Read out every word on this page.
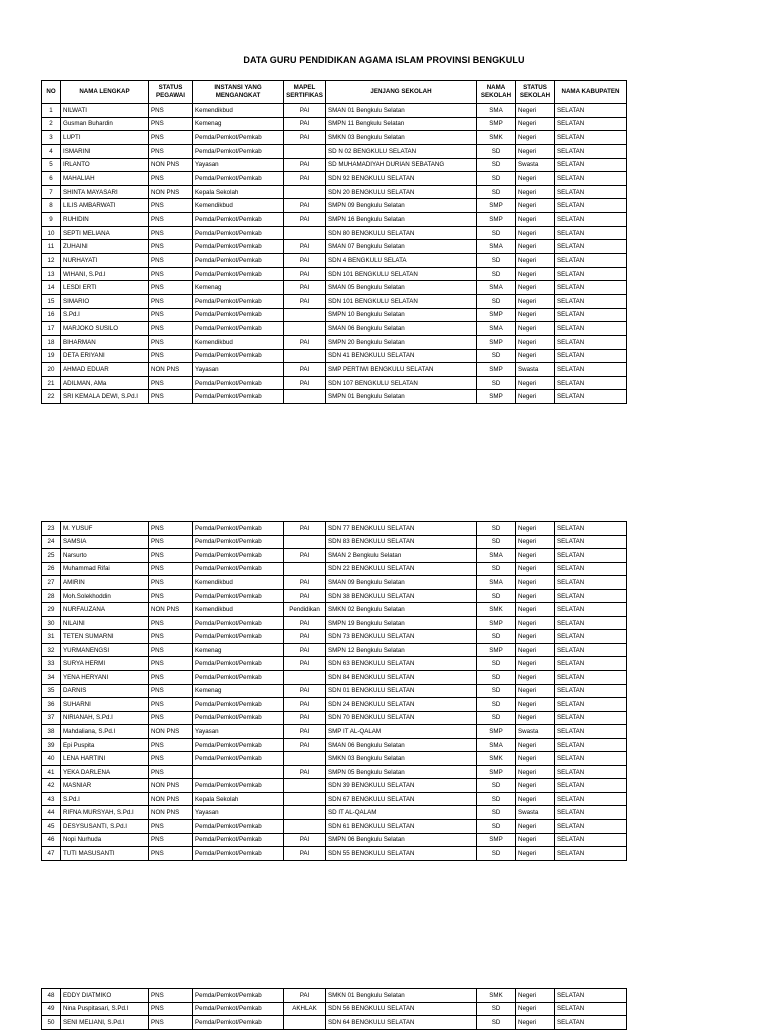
DATA GURU PENDIDIKAN AGAMA ISLAM PROVINSI BENGKULU
NO	NAMA LENGKAP	STATUS PEGAWAI	INSTANSI YANG MENGANGKAT	MAPEL SERTIFIKAS	JENJANG SEKOLAH	NAMA SEKOLAH	STATUS SEKOLAH	NAMA KABUPATEN
1	NILWATI	PNS	Kemendikbud	PAI	SMAN 01 Bengkulu Selatan	SMA	Negeri	SELATAN
2	Gusman Buhardin	PNS	Kemenag	PAI	SMPN 11 Bengkulu Selatan	SMP	Negeri	SELATAN
3	LUPTI	PNS	Pemda/Pemkot/Pemkab	PAI	SMKN 03 Bengkulu Selatan	SMK	Negeri	SELATAN
4	ISMARINI	PNS	Pemda/Pemkot/Pemkab		SD N 02 BENGKULU SELATAN	SD	Negeri	SELATAN
5	IRLANTO	NON PNS	Yayasan	PAI	SD MUHAMADIYAH DURIAN SEBATANG	SD	Swasta	SELATAN
6	MAHALIAH	PNS	Pemda/Pemkot/Pemkab	PAI	SDN 92 BENGKULU SELATAN	SD	Negeri	SELATAN
7	SHINTA MAYASARI	NON PNS	Kepala Sekolah		SDN 20 BENGKULU SELATAN	SD	Negeri	SELATAN
8	LILIS AMBARWATI	PNS	Kemendikbud	PAI	SMPN 09 Bengkulu Selatan	SMP	Negeri	SELATAN
9	RUHIDIN	PNS	Pemda/Pemkot/Pemkab	PAI	SMPN 16 Bengkulu Selatan	SMP	Negeri	SELATAN
10	SEPTI MELIANA	PNS	Pemda/Pemkot/Pemkab		SDN 80 BENGKULU SELATAN	SD	Negeri	SELATAN
11	ZUHAINI	PNS	Pemda/Pemkot/Pemkab	PAI	SMAN 07 Bengkulu Selatan	SMA	Negeri	SELATAN
12	NURHAYATI	PNS	Pemda/Pemkot/Pemkab	PAI	SDN 4 BENGKULU SELATA	SD	Negeri	SELATAN
13	WIHANI, S.Pd.I	PNS	Pemda/Pemkot/Pemkab	PAI	SDN 101 BENGKULU SELATAN	SD	Negeri	SELATAN
14	LESDI ERTI	PNS	Kemenag	PAI	SMAN 05 Bengkulu Selatan	SMA	Negeri	SELATAN
15	SIMARIO	PNS	Pemda/Pemkot/Pemkab	PAI	SDN 101 BENGKULU SELATAN	SD	Negeri	SELATAN
16	S.Pd.I	PNS	Pemda/Pemkot/Pemkab		SMPN 10 Bengkulu Selatan	SMP	Negeri	SELATAN
17	MARJOKO SUSILO	PNS	Pemda/Pemkot/Pemkab		SMAN 06 Bengkulu Selatan	SMA	Negeri	SELATAN
18	BIHARMAN	PNS	Kemendikbud	PAI	SMPN 20 Bengkulu Selatan	SMP	Negeri	SELATAN
19	DETA ERIYANI	PNS	Pemda/Pemkot/Pemkab		SDN 41 BENGKULU SELATAN	SD	Negeri	SELATAN
20	AHMAD EDUAR	NON PNS	Yayasan	PAI	SMP PERTIWI BENGKULU SELATAN	SMP	Swasta	SELATAN
21	ADILMAN, AMa	PNS	Pemda/Pemkot/Pemkab	PAI	SDN 107 BENGKULU SELATAN	SD	Negeri	SELATAN
22	SRI KEMALA DEWI, S.Pd.I	PNS	Pemda/Pemkot/Pemkab		SMPN 01 Bengkulu Selatan	SMP	Negeri	SELATAN
23	M. YUSUF	PNS	Pemda/Pemkot/Pemkab	PAI	SDN 77 BENGKULU SELATAN	SD	Negeri	SELATAN
24	SAMSIA	PNS	Pemda/Pemkot/Pemkab		SDN 83 BENGKULU SELATAN	SD	Negeri	SELATAN
25	Narsurto	PNS	Pemda/Pemkot/Pemkab	PAI	SMAN 2 Bengkulu Selatan	SMA	Negeri	SELATAN
26	Muhammad Rifai	PNS	Pemda/Pemkot/Pemkab		SDN 22 BENGKULU SELATAN	SD	Negeri	SELATAN
27	AMIRIN	PNS	Kemendikbud	PAI	SMAN 09 Bengkulu Selatan	SMA	Negeri	SELATAN
28	Moh.Solekhoddin	PNS	Pemda/Pemkot/Pemkab	PAI	SDN 38 BENGKULU SELATAN	SD	Negeri	SELATAN
29	NURFAUZANA	NON PNS	Kemendikbud	Pendidikan	SMKN 02 Bengkulu Selatan	SMK	Negeri	SELATAN
30	NILAINI	PNS	Pemda/Pemkot/Pemkab	PAI	SMPN 19 Bengkulu Selatan	SMP	Negeri	SELATAN
31	TETEN SUMARNI	PNS	Pemda/Pemkot/Pemkab	PAI	SDN 73 BENGKULU SELATAN	SD	Negeri	SELATAN
32	YURMANENGSI	PNS	Kemenag	PAI	SMPN 12 Bengkulu Selatan	SMP	Negeri	SELATAN
33	SURYA HERMI	PNS	Pemda/Pemkot/Pemkab	PAI	SDN 63 BENGKULU SELATAN	SD	Negeri	SELATAN
34	YENA HERYANI	PNS	Pemda/Pemkot/Pemkab		SDN 84 BENGKULU SELATAN	SD	Negeri	SELATAN
35	DARNIS	PNS	Kemenag	PAI	SDN 01 BENGKULU SELATAN	SD	Negeri	SELATAN
36	SUHARNI	PNS	Pemda/Pemkot/Pemkab	PAI	SDN 24 BENGKULU SELATAN	SD	Negeri	SELATAN
37	NIRIANAH, S.Pd.I	PNS	Pemda/Pemkot/Pemkab	PAI	SDN 70 BENGKULU SELATAN	SD	Negeri	SELATAN
38	Mahdaliana, S.Pd.I	NON PNS	Yayasan	PAI	SMP IT AL-QALAM	SMP	Swasta	SELATAN
39	Epi Puspita	PNS	Pemda/Pemkot/Pemkab	PAI	SMAN 06 Bengkulu Selatan	SMA	Negeri	SELATAN
40	LENA HARTINI	PNS	Pemda/Pemkot/Pemkab		SMKN 03 Bengkulu Selatan	SMK	Negeri	SELATAN
41	YEKA DARLENA	PNS		PAI	SMPN 05 Bengkulu Selatan	SMP	Negeri	SELATAN
42	MASNIAR	NON PNS	Pemda/Pemkot/Pemkab		SDN 39 BENGKULU SELATAN	SD	Negeri	SELATAN
43	S.Pd.I	NON PNS	Kepala Sekolah		SDN 67 BENGKULU SELATAN	SD	Negeri	SELATAN
44	RIFNA MURSYAH, S.Pd.I	NON PNS	Yayasan		SD IT AL-QALAM	SD	Swasta	SELATAN
45	DESYSUSANTI, S.Pd.I	PNS	Pemda/Pemkot/Pemkab		SDN 61 BENGKULU SELATAN	SD	Negeri	SELATAN
46	Nopi Nurhuda	PNS	Pemda/Pemkot/Pemkab	PAI	SMPN 06 Bengkulu Selatan	SMP	Negeri	SELATAN
47	TUTI MASUSANTI	PNS	Pemda/Pemkot/Pemkab	PAI	SDN 55 BENGKULU SELATAN	SD	Negeri	SELATAN
48	EDDY DIATMIKO	PNS	Pemda/Pemkot/Pemkab	PAI	SMKN 01 Bengkulu Selatan	SMK	Negeri	SELATAN
49	Nina Puspitasari, S.Pd.I	PNS	Pemda/Pemkot/Pemkab	AKHLAK	SDN 56 BENGKULU SELATAN	SD	Negeri	SELATAN
50	SENI MELIANI, S.Pd.I	PNS	Pemda/Pemkot/Pemkab		SDN 64 BENGKULU SELATAN	SD	Negeri	SELATAN
